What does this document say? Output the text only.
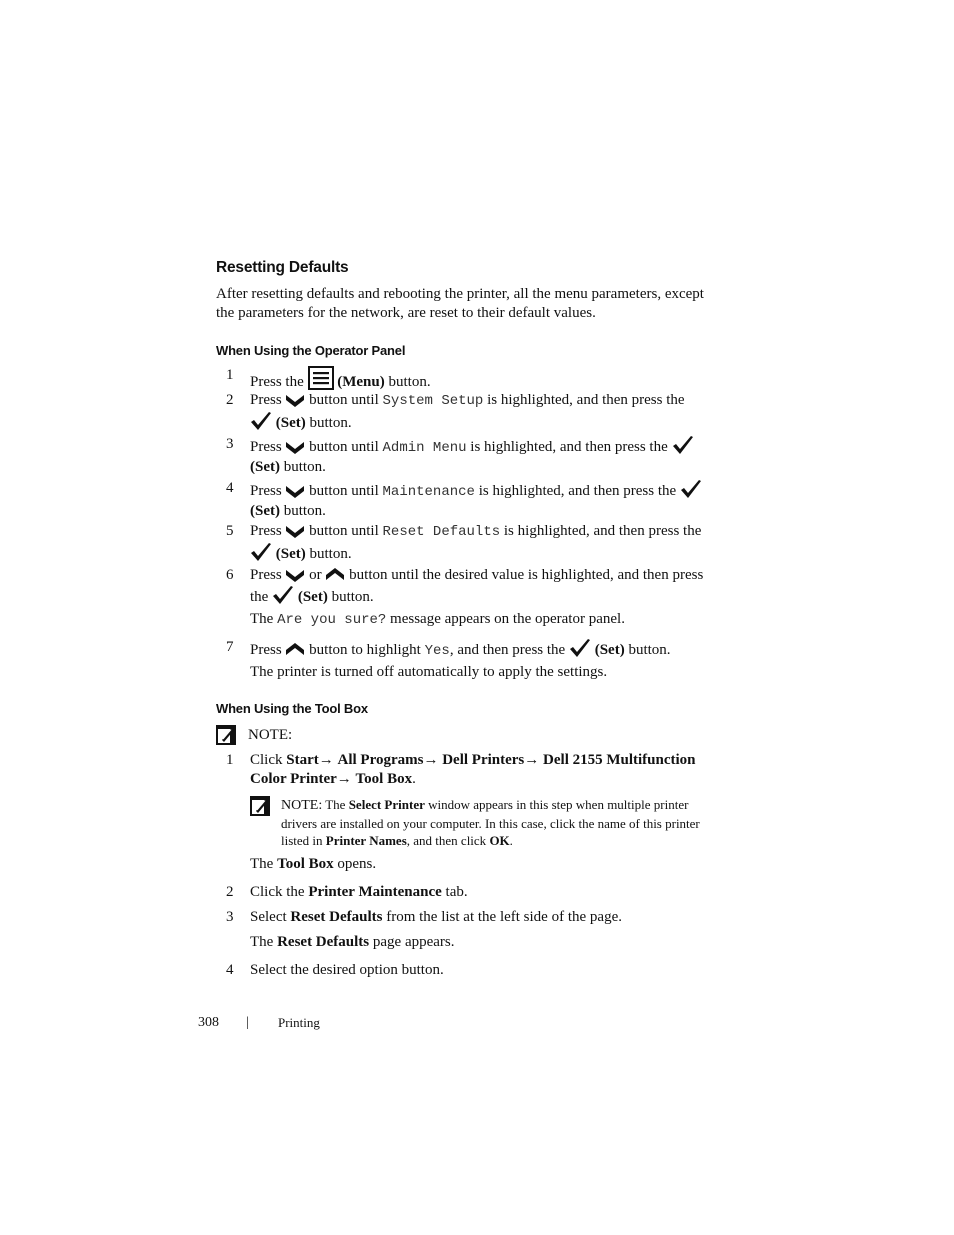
Resetting Defaults
After resetting defaults and rebooting the printer, all the menu parameters, except the parameters for the network, are reset to their default values.
When Using the Operator Panel
1 Press the (Menu) button.
2 Press button until System Setup is highlighted, and then press the

(Set) button.
3 Press button until Admin Menu is highlighted, and then press the

(Set) button.
4 Press button until Maintenance is highlighted, and then press the

(Set) button.
5 Press button until Reset Defaults is highlighted, and then press the

(Set) button.
6 Press or button until the desired value is highlighted, and then press
the (Set) button.
The Are you sure? message appears on the operator panel.
7 Press button to highlight Yes, and then press the (Set) button.
The printer is turned off automatically to apply the settings.
When Using the Tool Box
NOTE:
1 Click Start→ All Programs→ Dell Printers→ Dell 2155 Multifunction
Color Printer→ Tool Box.
NOTE: The Select Printer window appears in this step when multiple printer drivers are installed on your computer. In this case, click the name of this printer listed in Printer Names, and then click OK.
The Tool Box opens.
2 Click the Printer Maintenance tab.
3 Select Reset Defaults from the list at the left side of the page.
The Reset Defaults page appears.
4 Select the desired option button.
308 | Printing
